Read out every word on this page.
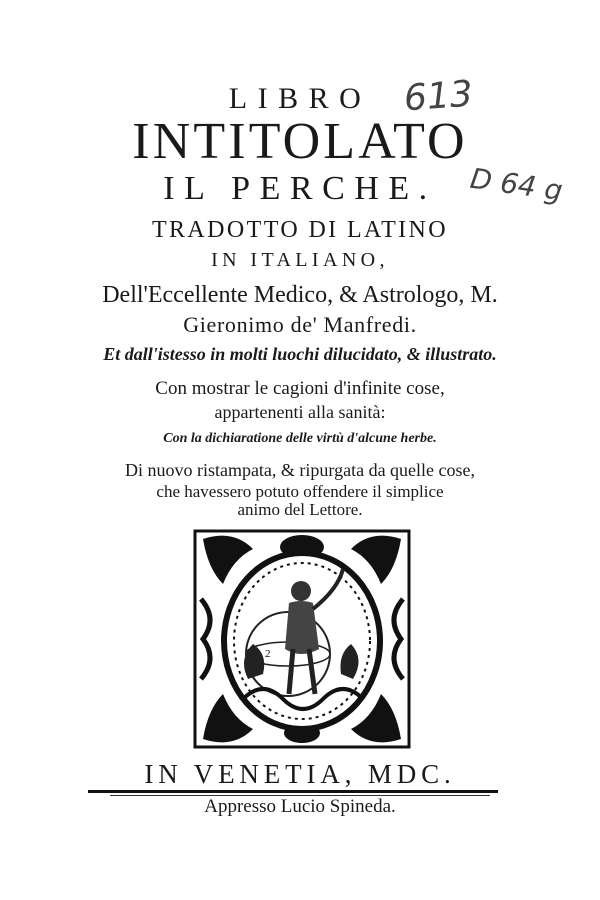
LIBRO
INTITOLATO
IL PERCHE.
TRADOTTO DI LATINO
IN ITALIANO,
Dell'Eccellente Medico, & Astrologo, M.
Gieronimo de' Manfredi.
Et dall'istesso in molti luochi dilucidato, & illustrato.
Con mostrar le cagioni d'infinite cose,
appartenenti alla sanità:
Con la dichiaratione delle virtù d'alcune herbe.
Di nuovo ristampata, & ripurgata da quelle cose,
che havessero potuto offendere il simplice
animo del Lettore.
613
D 64 g
2
IN VENETIA, MDC.
Appresso Lucio Spineda.
